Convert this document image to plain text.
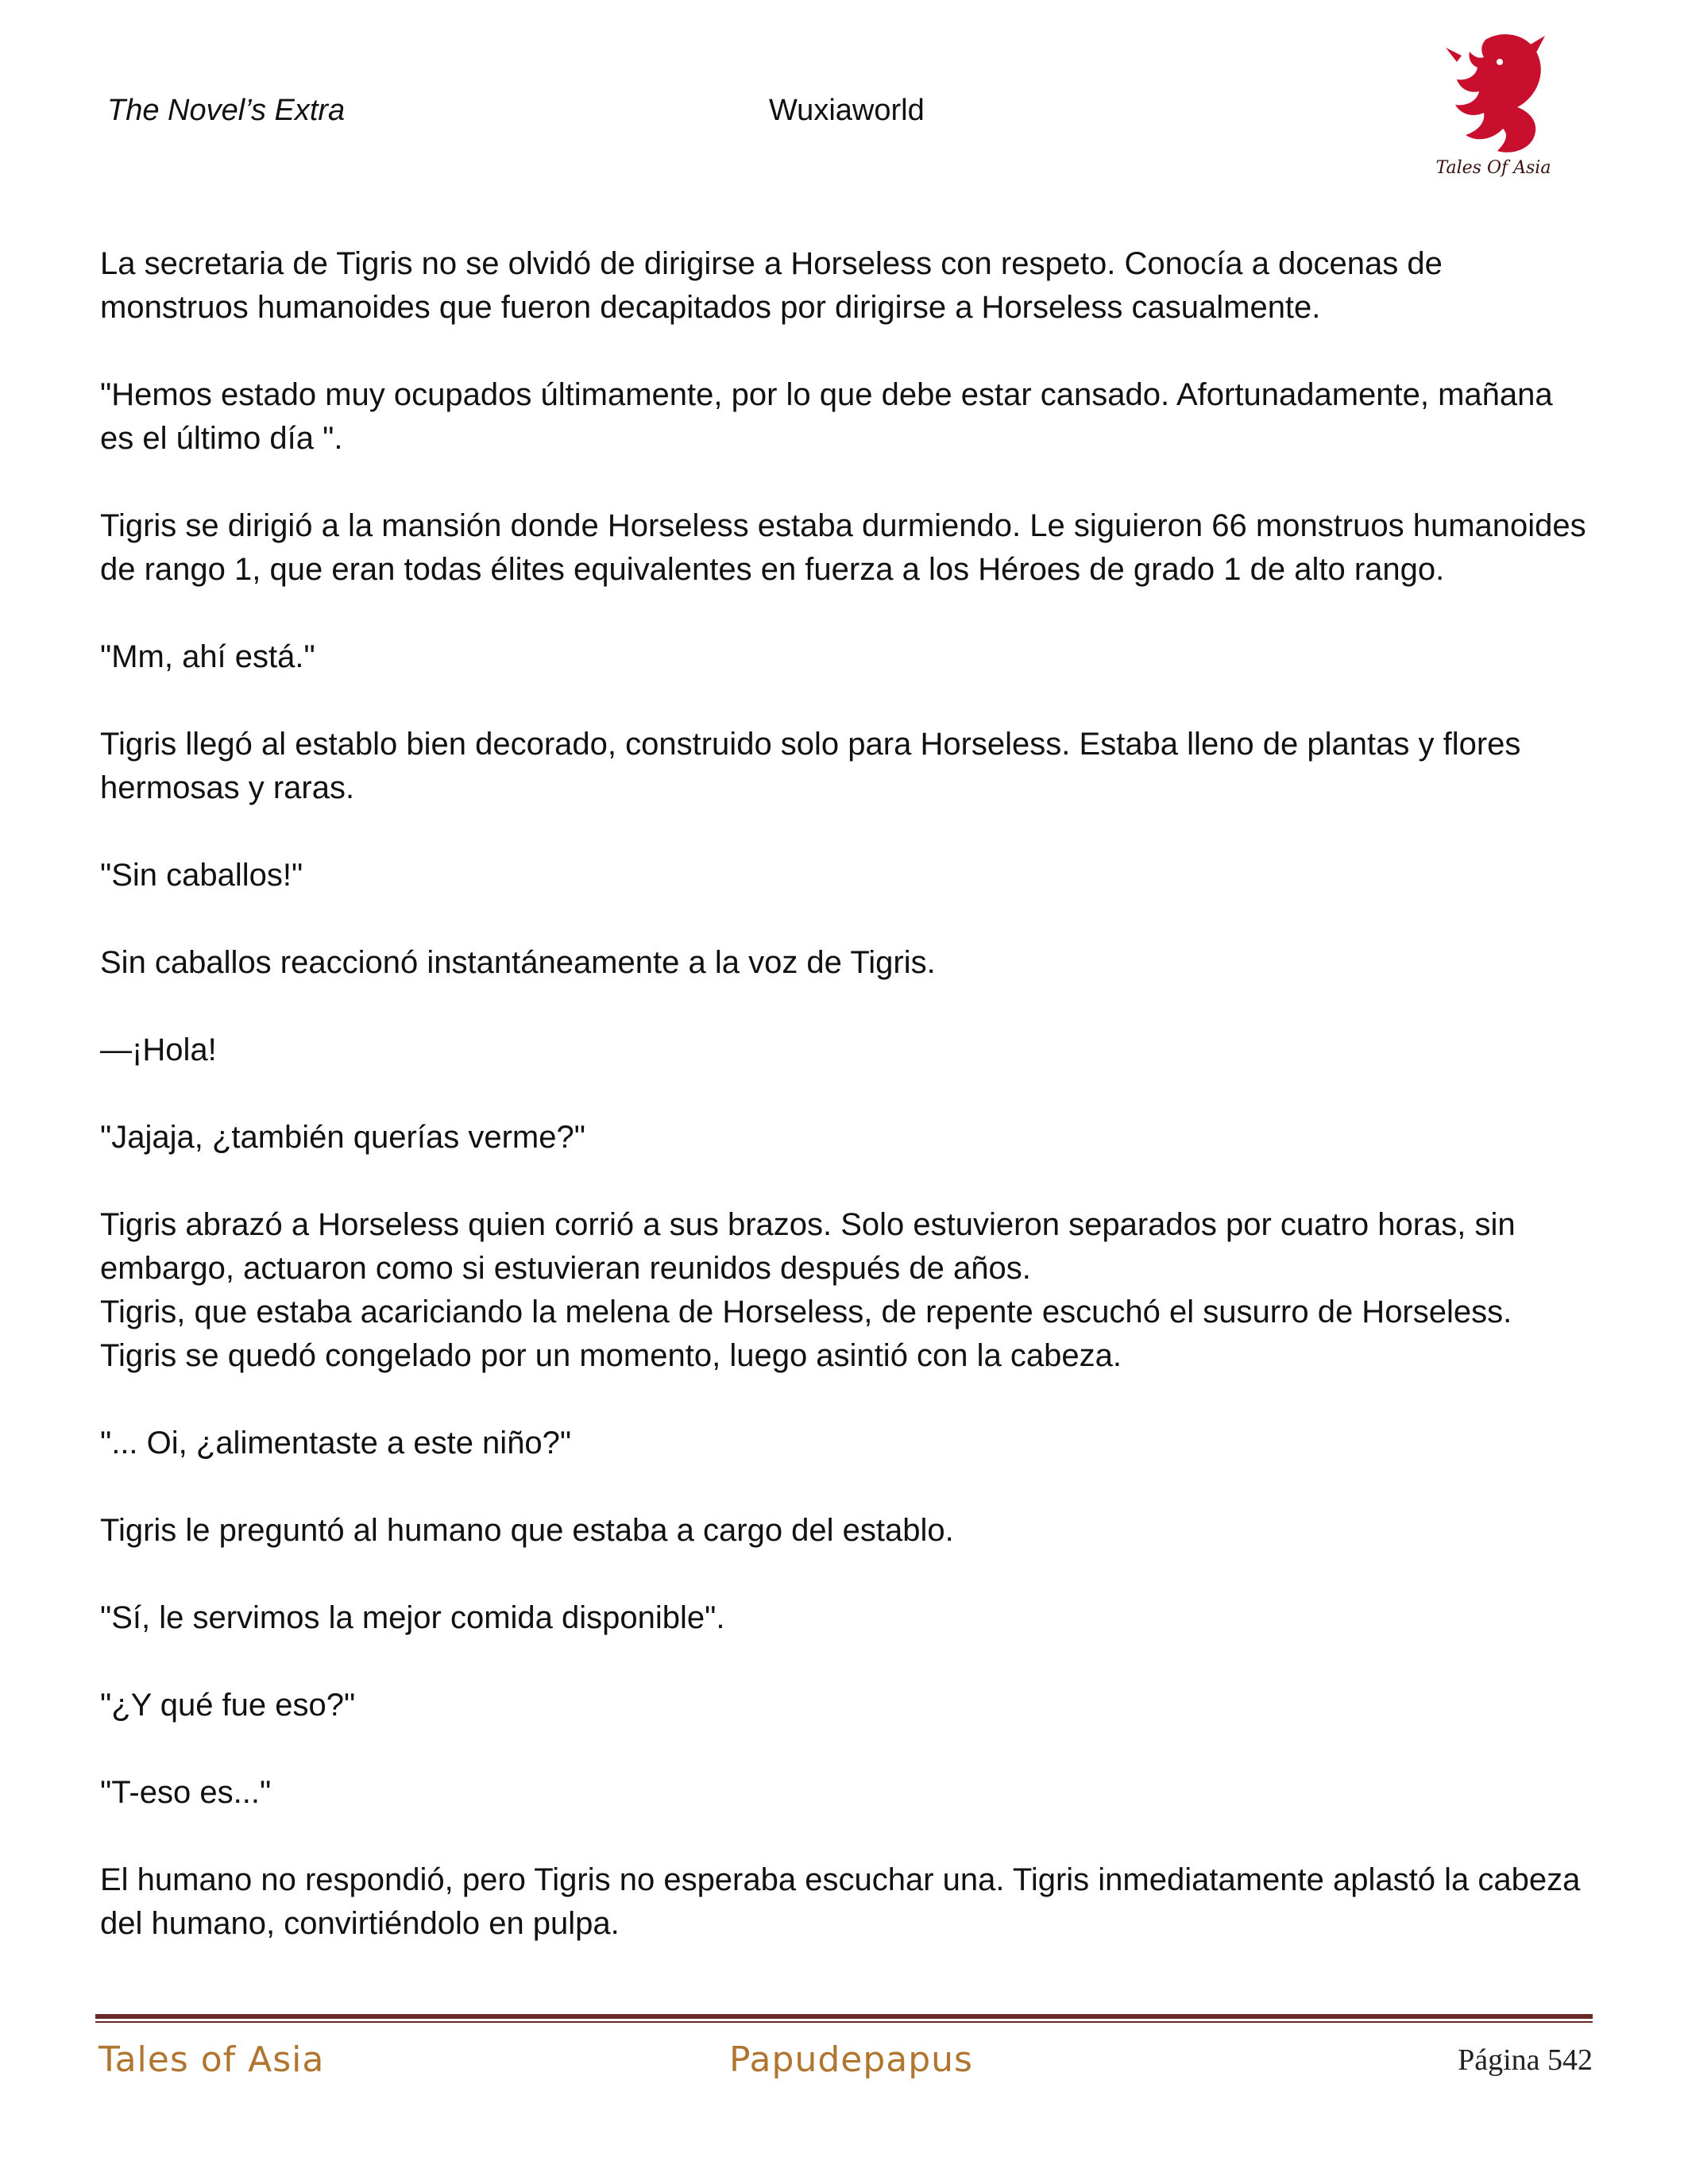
The Novel’s Extra	Wuxiaworld
Tales Of Asia

La secretaria de Tigris no se olvidó de dirigirse a Horseless con respeto. Conocía a docenas de monstruos humanoides que fueron decapitados por dirigirse a Horseless casualmente.

"Hemos estado muy ocupados últimamente, por lo que debe estar cansado. Afortunadamente, mañana es el último día ".

Tigris se dirigió a la mansión donde Horseless estaba durmiendo. Le siguieron 66 monstruos humanoides de rango 1, que eran todas élites equivalentes en fuerza a los Héroes de grado 1 de alto rango.

"Mm, ahí está."

Tigris llegó al establo bien decorado, construido solo para Horseless. Estaba lleno de plantas y flores hermosas y raras.

"Sin caballos!"

Sin caballos reaccionó instantáneamente a la voz de Tigris.

—¡Hola!

"Jajaja, ¿también querías verme?"

Tigris abrazó a Horseless quien corrió a sus brazos. Solo estuvieron separados por cuatro horas, sin embargo, actuaron como si estuvieran reunidos después de años.

Tigris, que estaba acariciando la melena de Horseless, de repente escuchó el susurro de Horseless. Tigris se quedó congelado por un momento, luego asintió con la cabeza.

"... Oi, ¿alimentaste a este niño?"

Tigris le preguntó al humano que estaba a cargo del establo.

"Sí, le servimos la mejor comida disponible".

"¿Y qué fue eso?"

"T-eso es..."

El humano no respondió, pero Tigris no esperaba escuchar una. Tigris inmediatamente aplastó la cabeza del humano, convirtiéndolo en pulpa.

Tales of Asia	Papudepapus	Página 542
